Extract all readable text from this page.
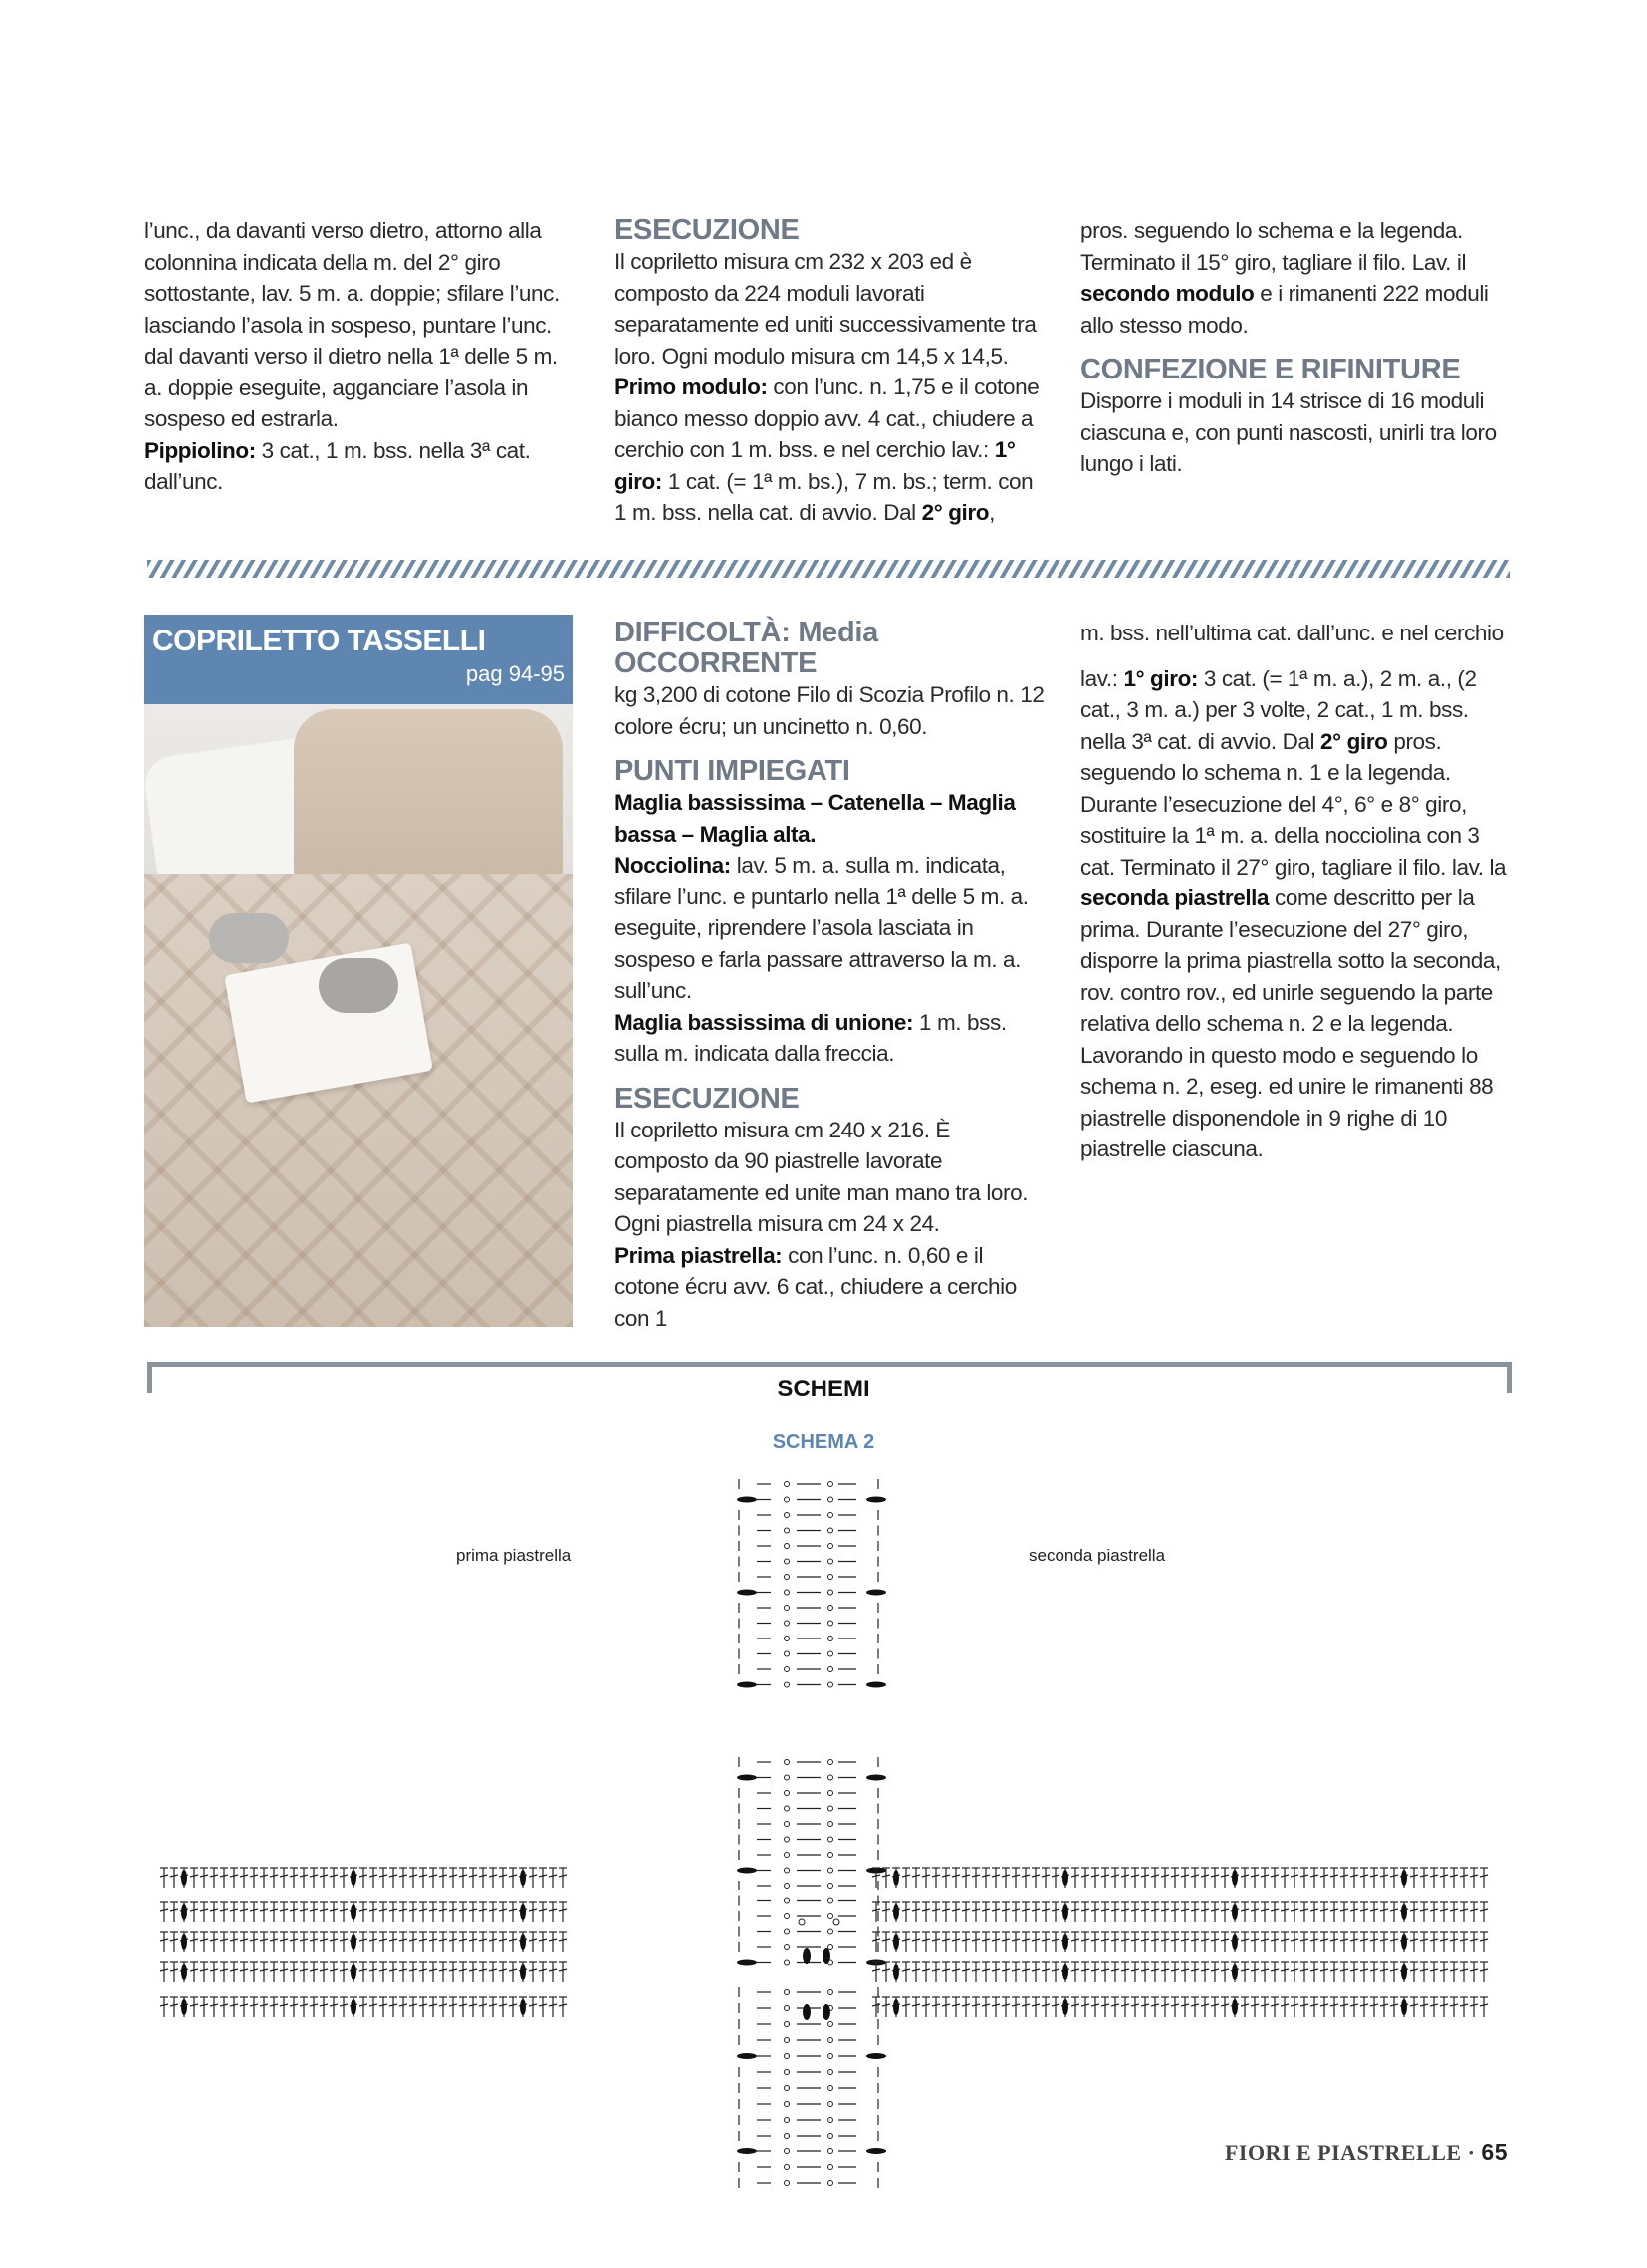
l’unc., da davanti verso dietro, attorno alla colonnina indicata della m. del 2° giro sottostante, lav. 5 m. a. doppie; sfilare l’unc. lasciando l’asola in sospeso, puntare l’unc. dal davanti verso il dietro nella 1ª delle 5 m. a. doppie eseguite, agganciare l’asola in sospeso ed estrarla.

Pippiolino: 3 cat., 1 m. bss. nella 3ª cat. dall’unc.

ESECUZIONE

Il copriletto misura cm 232 x 203 ed è composto da 224 moduli lavorati separatamente ed uniti successivamente tra loro. Ogni modulo misura cm 14,5 x 14,5.

Primo modulo: con l’unc. n. 1,75 e il cotone bianco messo doppio avv. 4 cat., chiudere a cerchio con 1 m. bss. e nel cerchio lav.: 1° giro: 1 cat. (= 1ª m. bs.), 7 m. bs.; term. con 1 m. bss. nella cat. di avvio. Dal 2° giro,

pros. seguendo lo schema e la legenda. Terminato il 15° giro, tagliare il filo. Lav. il secondo modulo e i rimanenti 222 moduli allo stesso modo.

CONFEZIONE E RIFINITURE

Disporre i moduli in 14 strisce di 16 moduli ciascuna e, con punti nascosti, unirli tra loro lungo i lati.

COPRILETTO TASSELLI
pag 94-95
DIFFICOLTÀ: Media
OCCORRENTE

kg 3,200 di cotone Filo di Scozia Profilo n. 12 colore écru; un uncinetto n. 0,60.

PUNTI IMPIEGATI

Maglia bassissima – Catenella – Maglia bassa – Maglia alta.

Nocciolina: lav. 5 m. a. sulla m. indicata, sfilare l’unc. e puntarlo nella 1ª delle 5 m. a. eseguite, riprendere l’asola lasciata in sospeso e farla passare attraverso la m. a. sull’unc.

Maglia bassissima di unione: 1 m. bss. sulla m. indicata dalla freccia.

ESECUZIONE

Il copriletto misura cm 240 x 216. È composto da 90 piastrelle lavorate separatamente ed unite man mano tra loro. Ogni piastrella misura cm 24 x 24.

Prima piastrella: con l’unc. n. 0,60 e il cotone écru avv. 6 cat., chiudere a cerchio con 1

m. bss. nell’ultima cat. dall’unc. e nel cerchio

lav.: 1° giro: 3 cat. (= 1ª m. a.), 2 m. a., (2 cat., 3 m. a.) per 3 volte, 2 cat., 1 m. bss. nella 3ª cat. di avvio. Dal 2° giro pros. seguendo lo schema n. 1 e la legenda. Durante l’esecuzione del 4°, 6° e 8° giro, sostituire la 1ª m. a. della nocciolina con 3 cat. Terminato il 27° giro, tagliare il filo. lav. la seconda piastrella come descritto per la prima. Durante l’esecuzione del 27° giro, disporre la prima piastrella sotto la seconda, rov. contro rov., ed unirle seguendo la parte relativa dello schema n. 2 e la legenda. Lavorando in questo modo e seguendo lo schema n. 2, eseg. ed unire le rimanenti 88 piastrelle disponendole in 9 righe di 10 piastrelle ciascuna.

SCHEMI
SCHEMA 2
prima piastrella	seconda piastrella
FIORI E PIASTRELLE · 65
